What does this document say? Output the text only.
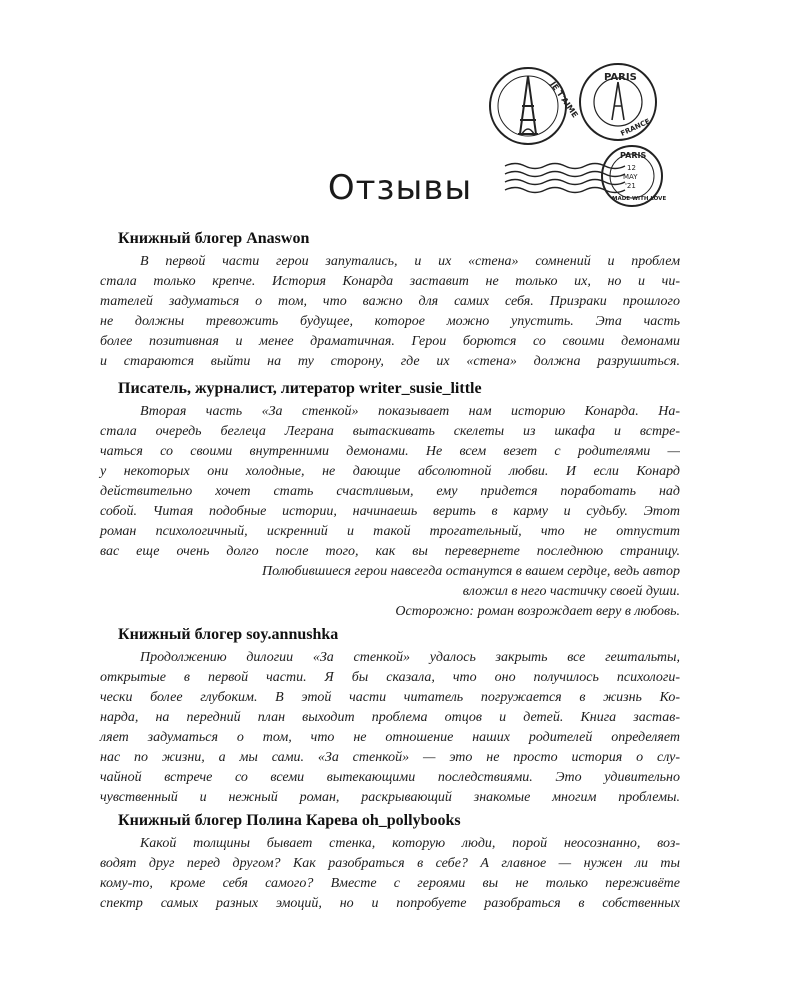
JE T'AIME
PARIS
FRANCE
PARIS
12
MAY
'21
MADE WITH LOVE
Отзывы
Книжный блогер Anaswon
В первой части герои запутались, и их «стена» сомнений и проблем
стала только крепче. История Конарда заставит не только их, но и чи-
тателей задуматься о том, что важно для самих себя. Призраки прошлого
не должны тревожить будущее, которое можно упустить. Эта часть
более позитивная и менее драматичная. Герои борются со своими демонами
и стараются выйти на ту сторону, где их «стена» должна разрушиться.
Писатель, журналист, литератор writer_susie_little
Вторая часть «За стенкой» показывает нам историю Конарда. На-
стала очередь беглеца Леграна вытаскивать скелеты из шкафа и встре-
чаться со своими внутренними демонами. Не всем везет с родителями —
у некоторых они холодные, не дающие абсолютной любви. И если Конард
действительно хочет стать счастливым, ему придется поработать над
собой. Читая подобные истории, начинаешь верить в карму и судьбу. Этот
роман психологичный, искренний и такой трогательный, что не отпустит
вас еще очень долго после того, как вы перевернете последнюю страницу.
Полюбившиеся герои навсегда останутся в вашем сердце, ведь автор
вложил в него частичку своей души.
Осторожно: роман возрождает веру в любовь.
Книжный блогер soy.annushka
Продолжению дилогии «За стенкой» удалось закрыть все гештальты,
открытые в первой части. Я бы сказала, что оно получилось психологи-
чески более глубоким. В этой части читатель погружается в жизнь Ко-
нарда, на передний план выходит проблема отцов и детей. Книга застав-
ляет задуматься о том, что не отношение наших родителей определяет
нас по жизни, а мы сами. «За стенкой» — это не просто история о слу-
чайной встрече со всеми вытекающими последствиями. Это удивительно
чувственный и нежный роман, раскрывающий знакомые многим проблемы.
Книжный блогер Полина Карева oh_pollybooks
Какой толщины бывает стенка, которую люди, порой неосознанно, воз-
водят друг перед другом? Как разобраться в себе? А главное — нужен ли ты
кому-то, кроме себя самого? Вместе с героями вы не только переживёте
спектр самых разных эмоций, но и попробуете разобраться в собственных
